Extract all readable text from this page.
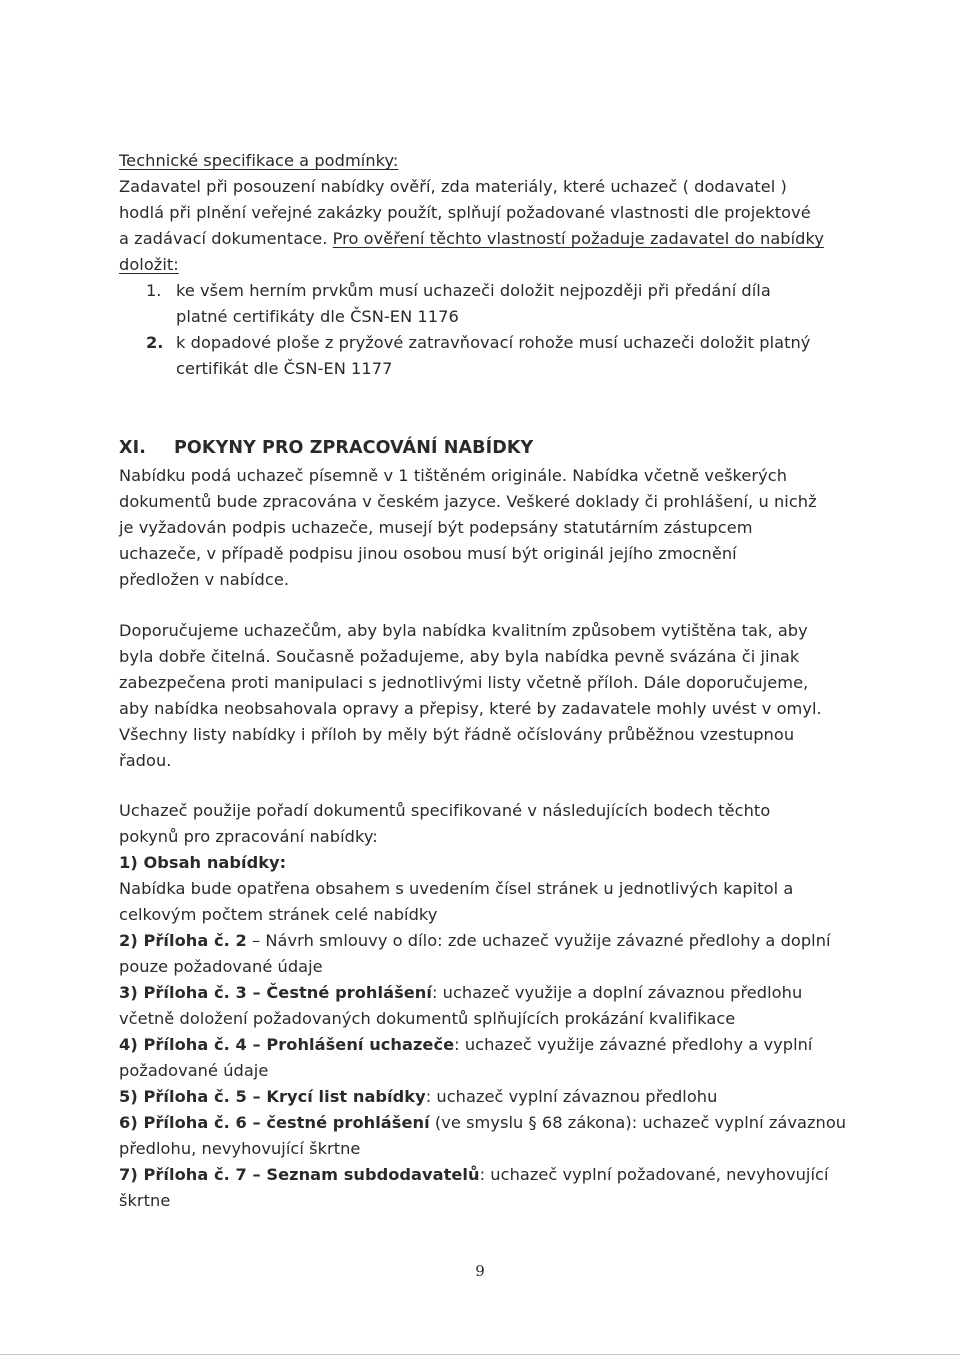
Technické specifikace a podmínky:
Zadavatel při posouzení nabídky ověří, zda materiály, které uchazeč ( dodavatel )
hodlá při plnění veřejné zakázky použít, splňují požadované vlastnosti dle projektové
a zadávací dokumentace. Pro ověření těchto vlastností požaduje zadavatel do nabídky
doložit:
1. ke všem herním prvkům musí uchazeči doložit nejpozději při předání díla
platné certifikáty dle ČSN-EN 1176
2. k dopadové ploše z pryžové zatravňovací rohože musí uchazeči doložit platný
certifikát dle ČSN-EN 1177
XI. POKYNY PRO ZPRACOVÁNÍ NABÍDKY
Nabídku podá uchazeč písemně v 1 tištěném originále. Nabídka včetně veškerých
dokumentů bude zpracována v českém jazyce. Veškeré doklady či prohlášení, u nichž
je vyžadován podpis uchazeče, musejí být podepsány statutárním zástupcem
uchazeče, v případě podpisu jinou osobou musí být originál jejího zmocnění
předložen v nabídce.
Doporučujeme uchazečům, aby byla nabídka kvalitním způsobem vytištěna tak, aby
byla dobře čitelná. Současně požadujeme, aby byla nabídka pevně svázána či jinak
zabezpečena proti manipulaci s jednotlivými listy včetně příloh. Dále doporučujeme,
aby nabídka neobsahovala opravy a přepisy, které by zadavatele mohly uvést v omyl.
Všechny listy nabídky i příloh by měly být řádně očíslovány průběžnou vzestupnou
řadou.
Uchazeč použije pořadí dokumentů specifikované v následujících bodech těchto
pokynů pro zpracování nabídky:
1) Obsah nabídky:
Nabídka bude opatřena obsahem s uvedením čísel stránek u jednotlivých kapitol a
celkovým počtem stránek celé nabídky
2) Příloha č. 2 – Návrh smlouvy o dílo: zde uchazeč využije závazné předlohy a doplní
pouze požadované údaje
3) Příloha č. 3 – Čestné prohlášení: uchazeč využije a doplní závaznou předlohu
včetně doložení požadovaných dokumentů splňujících prokázání kvalifikace
4) Příloha č. 4 – Prohlášení uchazeče: uchazeč využije závazné předlohy a vyplní
požadované údaje
5) Příloha č. 5 – Krycí list nabídky: uchazeč vyplní závaznou předlohu
6) Příloha č. 6 – čestné prohlášení (ve smyslu § 68 zákona): uchazeč vyplní závaznou
předlohu, nevyhovující škrtne
7) Příloha č. 7 – Seznam subdodavatelů: uchazeč vyplní požadované, nevyhovující
škrtne
9
